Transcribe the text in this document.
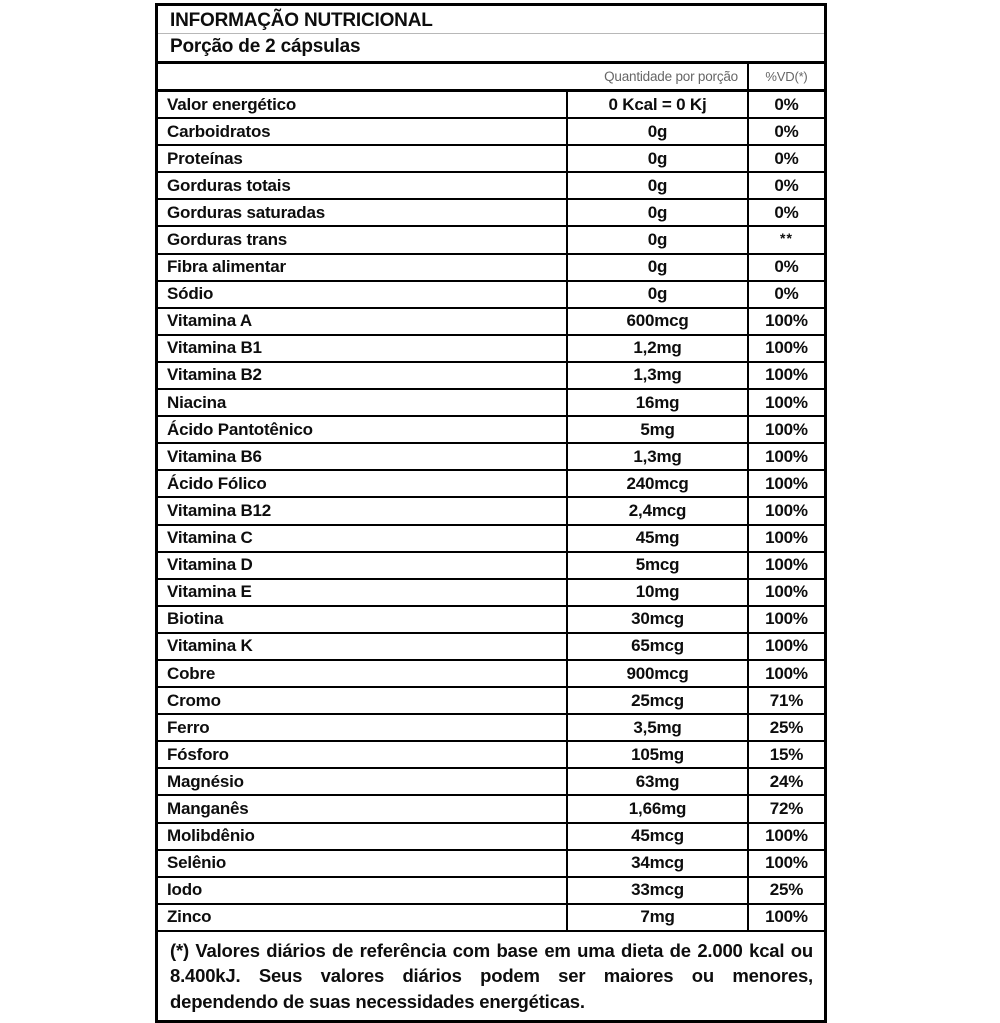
INFORMAÇÃO NUTRICIONAL
Porção de 2 cápsulas
Quantidade por porção	%VD(*)
Valor energético	0 Kcal = 0 Kj	0%
Carboidratos	0g	0%
Proteínas	0g	0%
Gorduras totais	0g	0%
Gorduras saturadas	0g	0%
Gorduras trans	0g	**
Fibra alimentar	0g	0%
Sódio	0g	0%
Vitamina A	600mcg	100%
Vitamina B1	1,2mg	100%
Vitamina B2	1,3mg	100%
Niacina	16mg	100%
Ácido Pantotênico	5mg	100%
Vitamina B6	1,3mg	100%
Ácido Fólico	240mcg	100%
Vitamina B12	2,4mcg	100%
Vitamina C	45mg	100%
Vitamina D	5mcg	100%
Vitamina E	10mg	100%
Biotina	30mcg	100%
Vitamina K	65mcg	100%
Cobre	900mcg	100%
Cromo	25mcg	71%
Ferro	3,5mg	25%
Fósforo	105mg	15%
Magnésio	63mg	24%
Manganês	1,66mg	72%
Molibdênio	45mcg	100%
Selênio	34mcg	100%
Iodo	33mcg	25%
Zinco	7mg	100%
(*) Valores diários de referência com base em uma dieta de 2.000 kcal ou 8.400kJ. Seus valores diários podem ser maiores ou menores, dependendo de suas necessidades energéticas.
